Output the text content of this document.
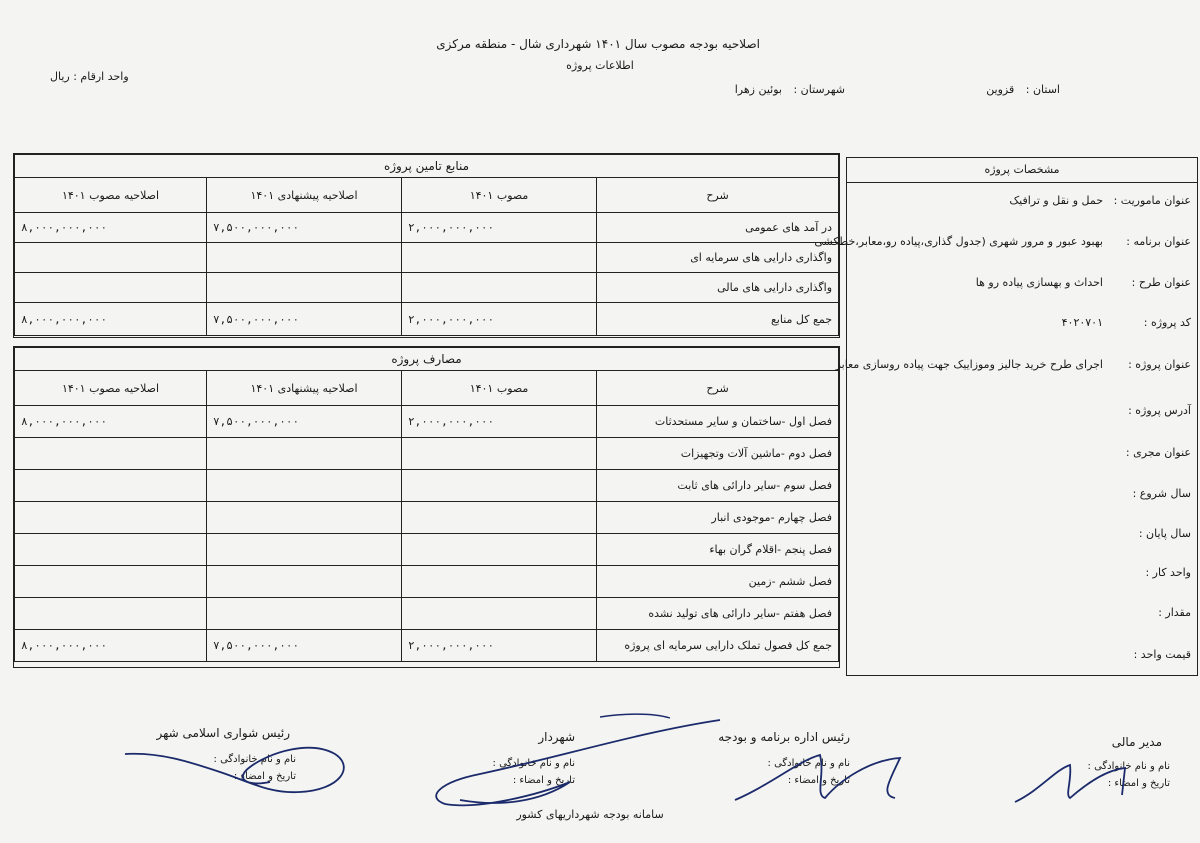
اصلاحیه بودجه مصوب سال ۱۴۰۱ شهرداری شال - منطقه مرکزی
اطلاعات پروژه
واحد ارقام : ریال
استان : قزوین
شهرستان : بوئین زهرا
منابع تامین پروژه			
شرح	مصوب ۱۴۰۱	اصلاحیه پیشنهادی ۱۴۰۱	اصلاحیه مصوب ۱۴۰۱
در آمد های عمومی	۲,۰۰۰,۰۰۰,۰۰۰	۷,۵۰۰,۰۰۰,۰۰۰	۸,۰۰۰,۰۰۰,۰۰۰
واگذاری دارایی های سرمایه ای			
واگذاری دارایی های مالی			
جمع کل منابع	۲,۰۰۰,۰۰۰,۰۰۰	۷,۵۰۰,۰۰۰,۰۰۰	۸,۰۰۰,۰۰۰,۰۰۰
مصارف پروژه			
شرح	مصوب ۱۴۰۱	اصلاحیه پیشنهادی ۱۴۰۱	اصلاحیه مصوب ۱۴۰۱
فصل اول -ساختمان و سایر مستحدثات	۲,۰۰۰,۰۰۰,۰۰۰	۷,۵۰۰,۰۰۰,۰۰۰	۸,۰۰۰,۰۰۰,۰۰۰
فصل دوم -ماشین آلات وتجهیزات			
فصل سوم -سایر دارائی های ثابت			
فصل چهارم -موجودی انبار			
فصل پنجم -اقلام گران بهاء			
فصل ششم -زمین			
فصل هفتم -سایر دارائی های تولید نشده			
جمع کل فصول تملک دارایی سرمایه ای پروژه	۲,۰۰۰,۰۰۰,۰۰۰	۷,۵۰۰,۰۰۰,۰۰۰	۸,۰۰۰,۰۰۰,۰۰۰
مشخصات پروژه
عنوان ماموریت :حمل و نقل و ترافیک
عنوان برنامه :بهبود عبور و مرور شهری (جدول گذاری،پیاده رو،معابر،خطکشی
عنوان طرح :احداث و بهسازی پیاده رو ها
کد پروژه :۴۰۲۰۷۰۱
عنوان پروژه :اجرای طرح خرید جالیز وموزاییک جهت پیاده روسازی معابر
آدرس پروژه :
عنوان مجری :
سال شروع :
سال پایان :
واحد کار :
مقدار :
قیمت واحد :
مدیر مالی
نام و نام خانوادگی :
تاریخ و امضاء :
رئیس اداره برنامه و بودجه
نام و نام خانوادگی :
تاریخ و امضاء :
شهردار
نام و نام خانوادگی :
تاریخ و امضاء :
رئیس شوارى اسلامى شهر
نام و نام خانوادگی :
تاریخ و امضاء :
سامانه بودجه شهرداریهای کشور
